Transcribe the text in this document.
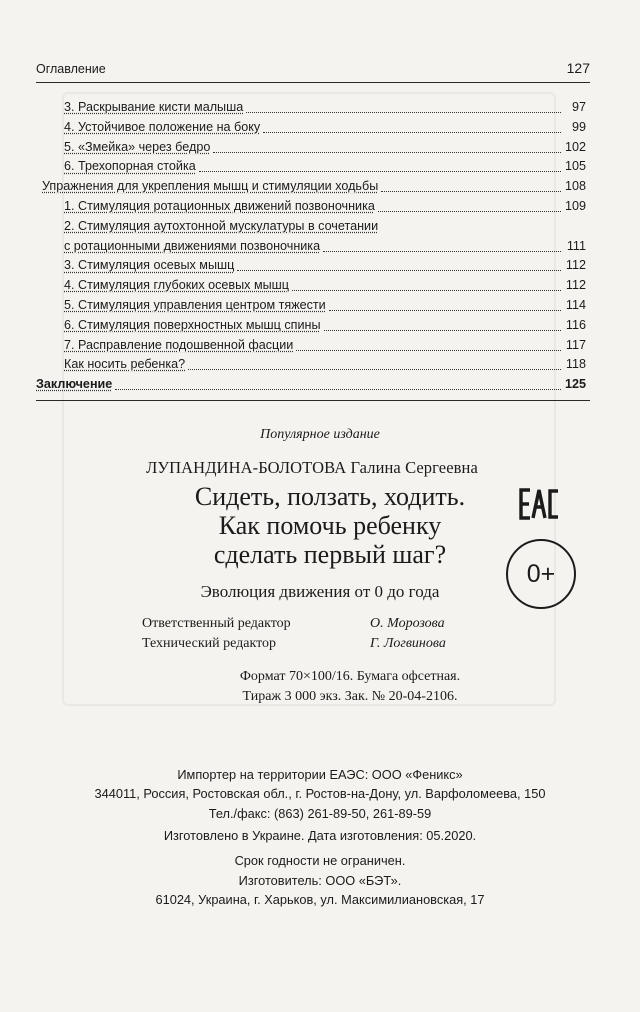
Оглавление	127
3. Раскрывание кисти малыша	97
4. Устойчивое положение на боку	99
5. «Змейка» через бедро	102
6. Трехопорная стойка	105
Упражнения для укрепления мышц и стимуляции ходьбы	108
1. Стимуляция ротационных движений позвоночника	109
2. Стимуляция аутохтонной мускулатуры в сочетании
с ротационными движениями позвоночника	111
3. Стимуляция осевых мышц	112
4. Стимуляция глубоких осевых мышц	112
5. Стимуляция управления центром тяжести	114
6. Стимуляция поверхностных мышц спины	116
7. Расправление подошвенной фасции	117
Как носить ребенка?	118
Заключение	125
Популярное издание
ЛУПАНДИНА-БОЛОТОВА Галина Сергеевна
Сидеть, ползать, ходить.
Как помочь ребенку
сделать первый шаг?
0+
Эволюция движения от 0 до года
Ответственный редактор	О. Морозова
Технический редактор	Г. Логвинова
Формат 70×100/16. Бумага офсетная.
Тираж 3 000 экз. Зак. № 20-04-2106.
Импортер на территории ЕАЭС: ООО «Феникс»
344011, Россия, Ростовская обл., г. Ростов-на-Дону, ул. Варфоломеева, 150
Тел./факс: (863) 261-89-50, 261-89-59
Изготовлено в Украине. Дата изготовления: 05.2020.
Срок годности не ограничен.
Изготовитель: ООО «БЭТ».
61024, Украина, г. Харьков, ул. Максимилиановская, 17
